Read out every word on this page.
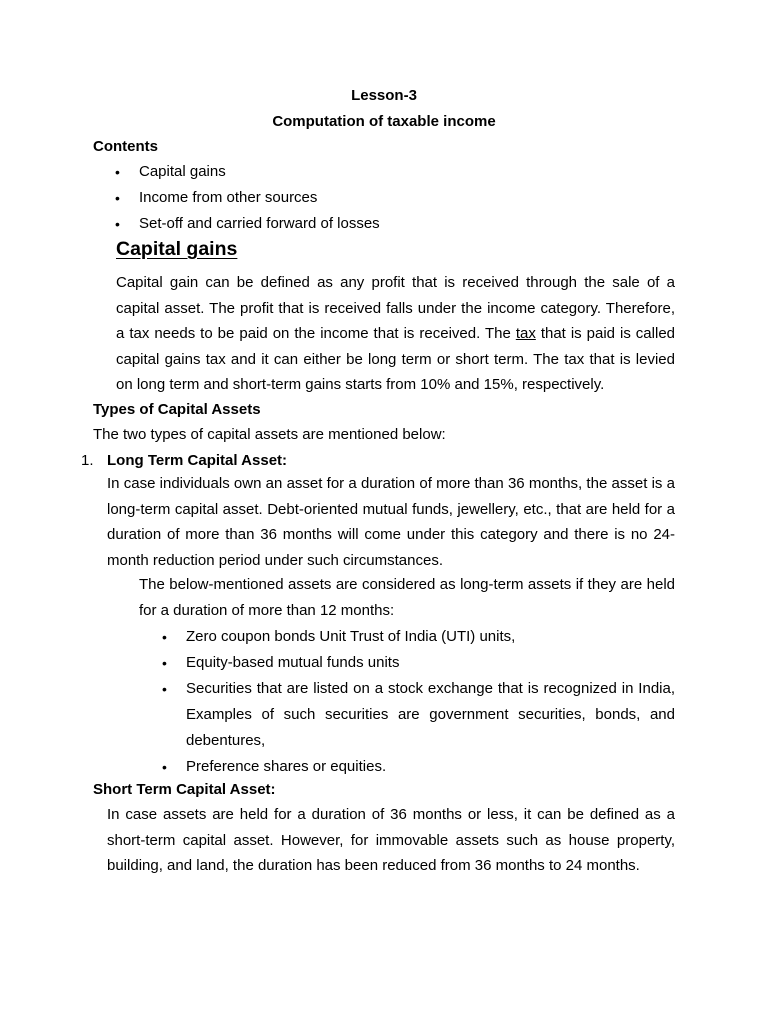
Lesson-3
Computation of taxable income
Contents
• Capital gains
• Income from other sources
• Set-off and carried forward of losses
Capital gains
Capital gain can be defined as any profit that is received through the sale of a capital asset. The profit that is received falls under the income category. Therefore, a tax needs to be paid on the income that is received. The tax that is paid is called capital gains tax and it can either be long term or short term. The tax that is levied on long term and short-term gains starts from 10% and 15%, respectively.
Types of Capital Assets
The two types of capital assets are mentioned below:
1. Long Term Capital Asset:
In case individuals own an asset for a duration of more than 36 months, the asset is a long-term capital asset. Debt-oriented mutual funds, jewellery, etc., that are held for a duration of more than 36 months will come under this category and there is no 24-month reduction period under such circumstances.
The below-mentioned assets are considered as long-term assets if they are held for a duration of more than 12 months:
• Zero coupon bonds Unit Trust of India (UTI) units,
• Equity-based mutual funds units
• Securities that are listed on a stock exchange that is recognized in India, Examples of such securities are government securities, bonds, and debentures,
• Preference shares or equities.
Short Term Capital Asset:
In case assets are held for a duration of 36 months or less, it can be defined as a short-term capital asset. However, for immovable assets such as house property, building, and land, the duration has been reduced from 36 months to 24 months.
